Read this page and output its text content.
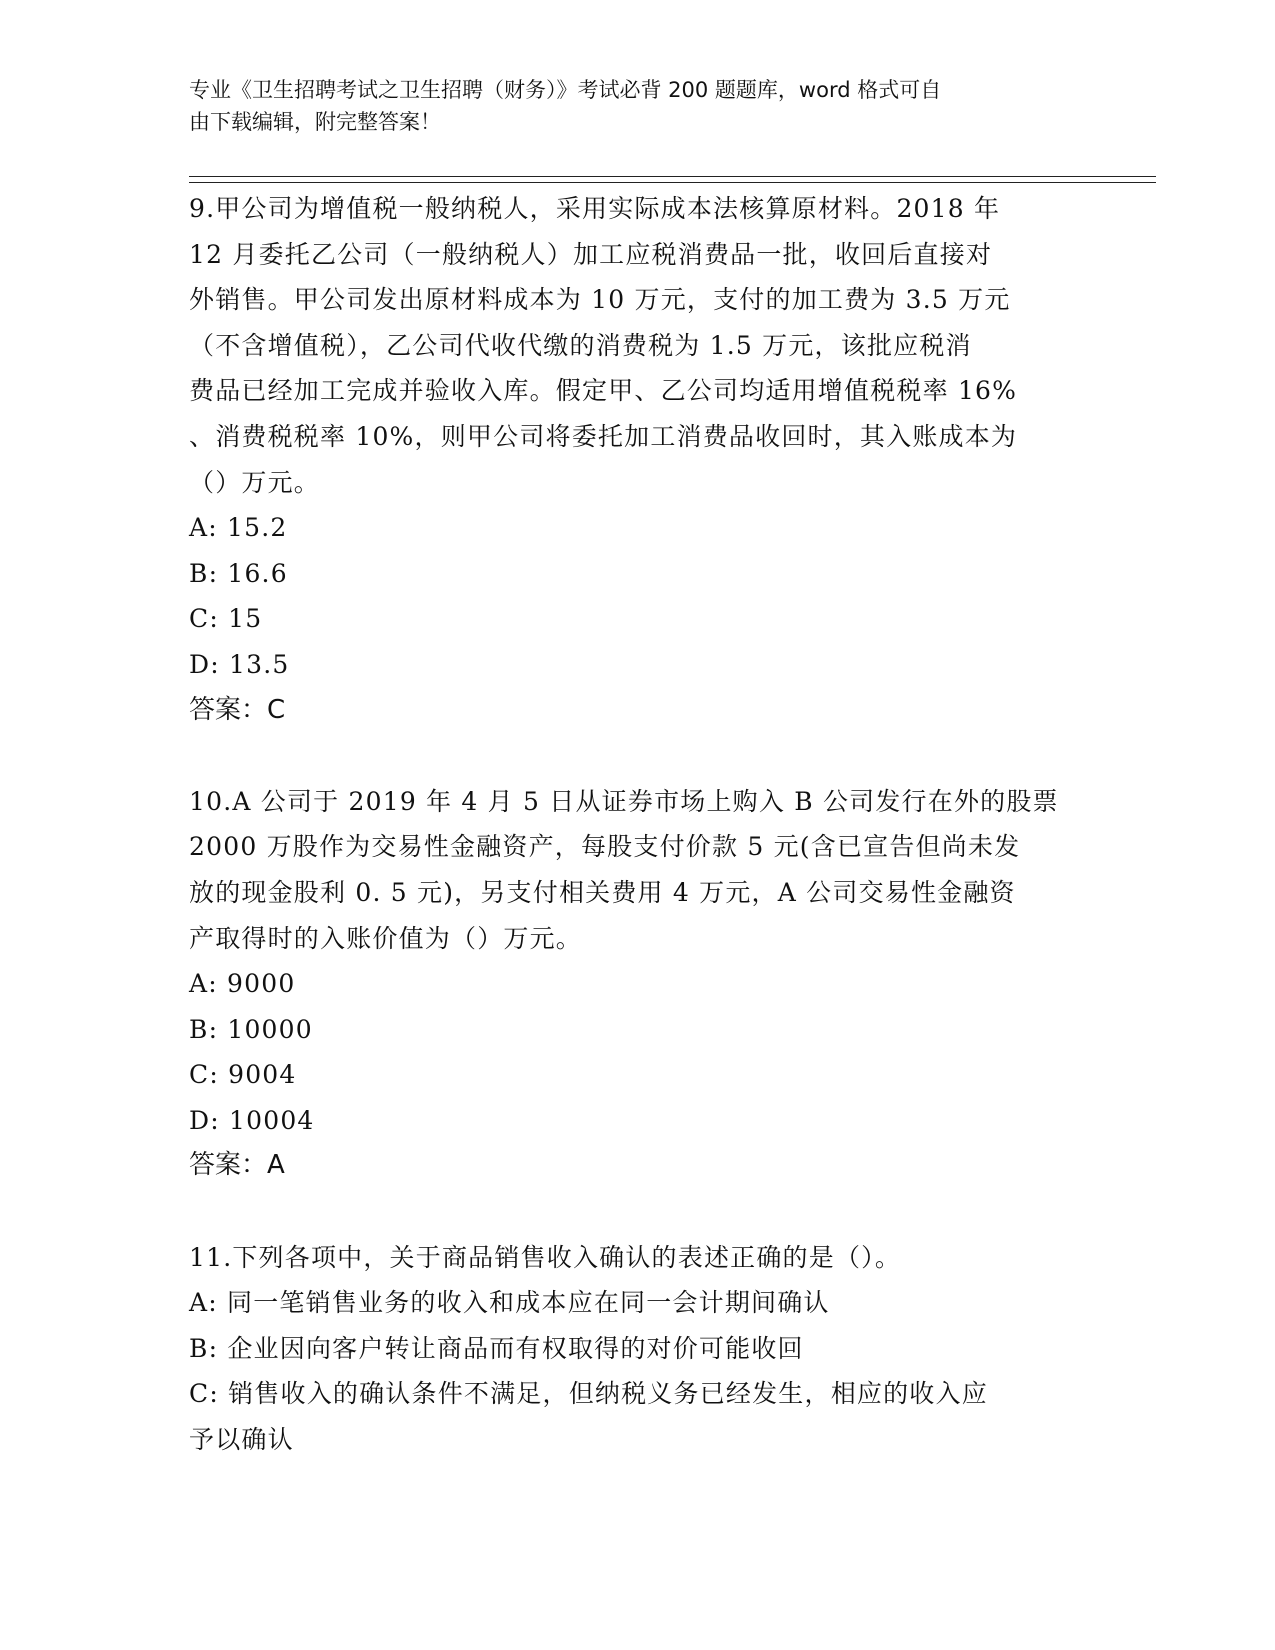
专业《卫生招聘考试之卫生招聘（财务）》考试必背 200 题题库，word 格式可自
由下载编辑，附完整答案！
9.甲公司为增值税一般纳税人，采用实际成本法核算原材料。2018 年
12 月委托乙公司（一般纳税人）加工应税消费品一批，收回后直接对
外销售。甲公司发出原材料成本为 10 万元，支付的加工费为 3.5 万元
（不含增值税），乙公司代收代缴的消费税为 1.5 万元，该批应税消
费品已经加工完成并验收入库。假定甲、乙公司均适用增值税税率 16%
、消费税税率 10%，则甲公司将委托加工消费品收回时，其入账成本为
（）万元。
A: 15.2
B: 16.6
C: 15
D: 13.5
答案：C
10.A 公司于 2019 年 4 月 5 日从证券市场上购入 B 公司发行在外的股票
2000 万股作为交易性金融资产，每股支付价款 5 元(含已宣告但尚未发
放的现金股利 0. 5 元)，另支付相关费用 4 万元，A 公司交易性金融资
产取得时的入账价值为（）万元。
A: 9000
B: 10000
C: 9004
D: 10004
答案：A
11.下列各项中，关于商品销售收入确认的表述正确的是（）。
A: 同一笔销售业务的收入和成本应在同一会计期间确认
B: 企业因向客户转让商品而有权取得的对价可能收回
C: 销售收入的确认条件不满足，但纳税义务已经发生，相应的收入应
予以确认
